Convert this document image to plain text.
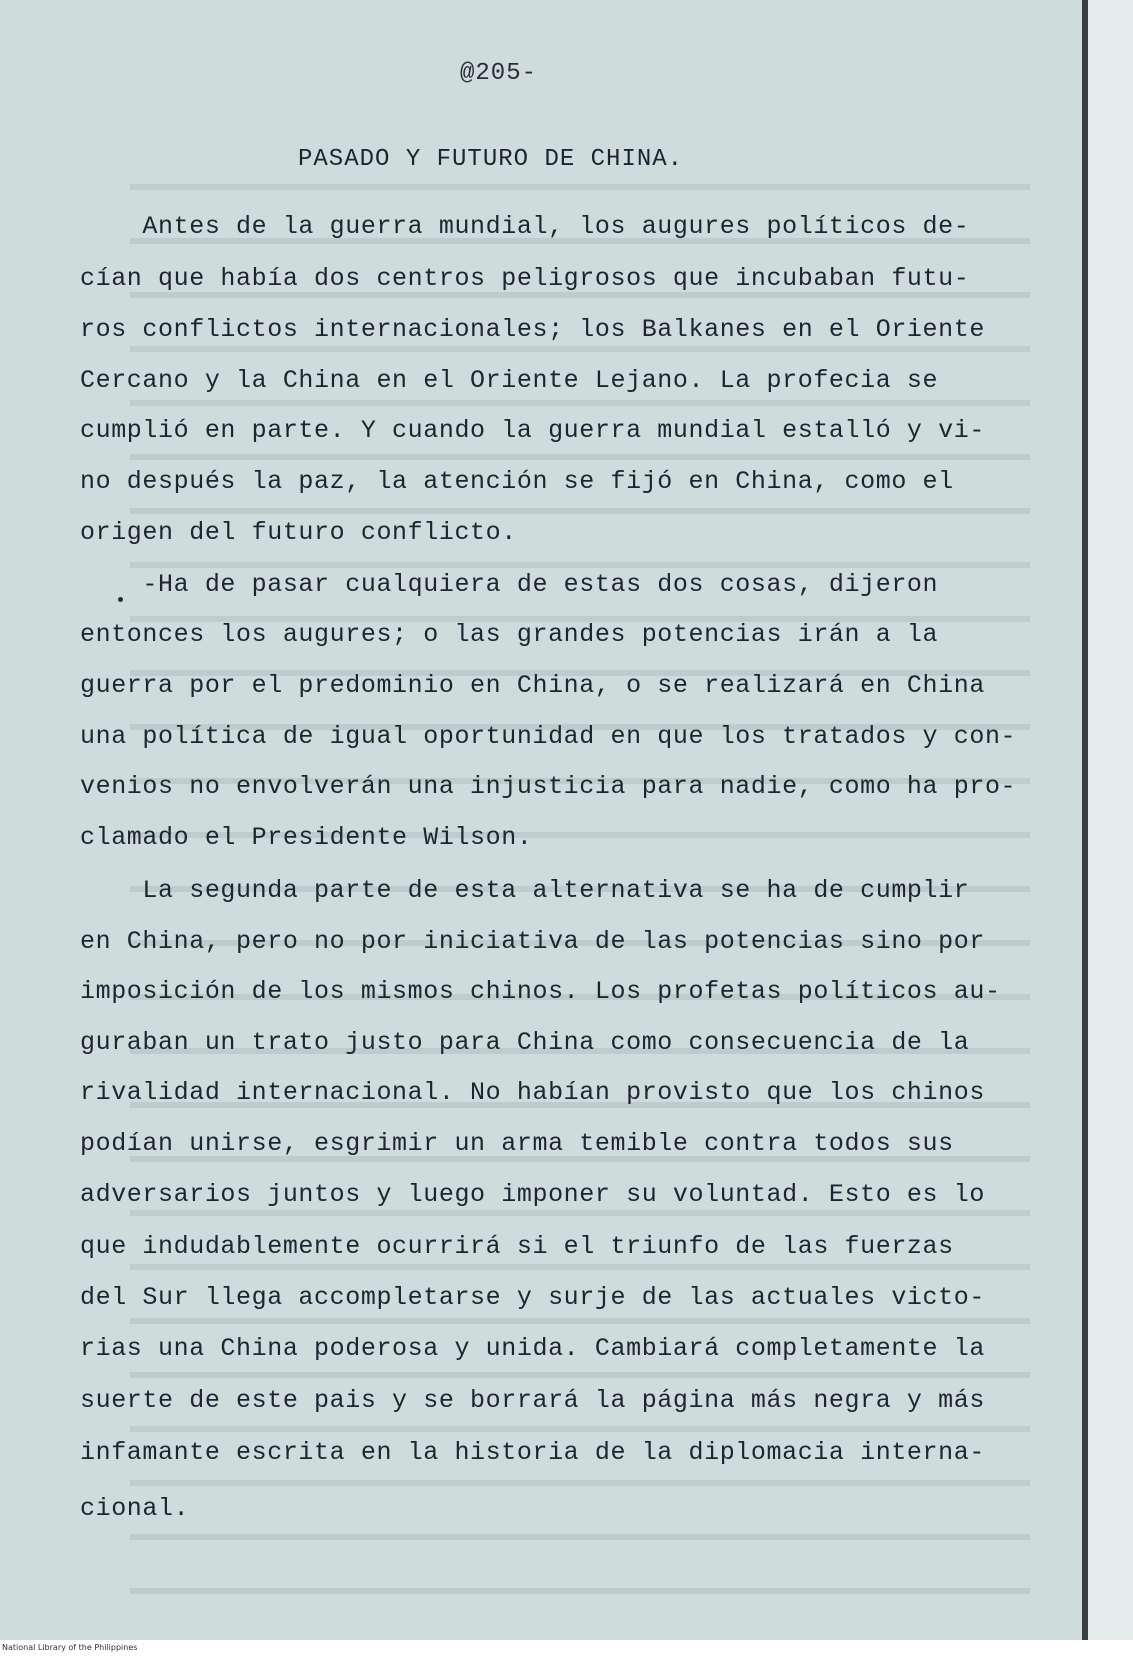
@205-
PASADO Y FUTURO DE CHINA.
Antes de la guerra mundial, los augures políticos de-
cían que había dos centros peligrosos que incubaban futu-
ros conflictos internacionales; los Balkanes en el Oriente
Cercano y la China en el Oriente Lejano. La profecia se
cumplió en parte. Y cuando la guerra mundial estalló y vi-
no después la paz, la atención se fijó en China, como el
origen del futuro conflicto.
-Ha de pasar cualquiera de estas dos cosas, dijeron
entonces los augures; o las grandes potencias irán a la
guerra por el predominio en China, o se realizará en China
una política de igual oportunidad en que los tratados y con-
venios no envolverán una injusticia para nadie, como ha pro-
clamado el Presidente Wilson.
La segunda parte de esta alternativa se ha de cumplir
en China, pero no por iniciativa de las potencias sino por
imposición de los mismos chinos. Los profetas políticos au-
guraban un trato justo para China como consecuencia de la
rivalidad internacional. No habían provisto que los chinos
podían unirse, esgrimir un arma temible contra todos sus
adversarios juntos y luego imponer su voluntad. Esto es lo
que indudablemente ocurrirá si el triunfo de las fuerzas
del Sur llega accompletarse y surje de las actuales victo-
rias una China poderosa y unida. Cambiará completamente la
suerte de este pais y se borrará la página más negra y más
infamante escrita en la historia de la diplomacia interna-
cional.
National Library of the Philippines
